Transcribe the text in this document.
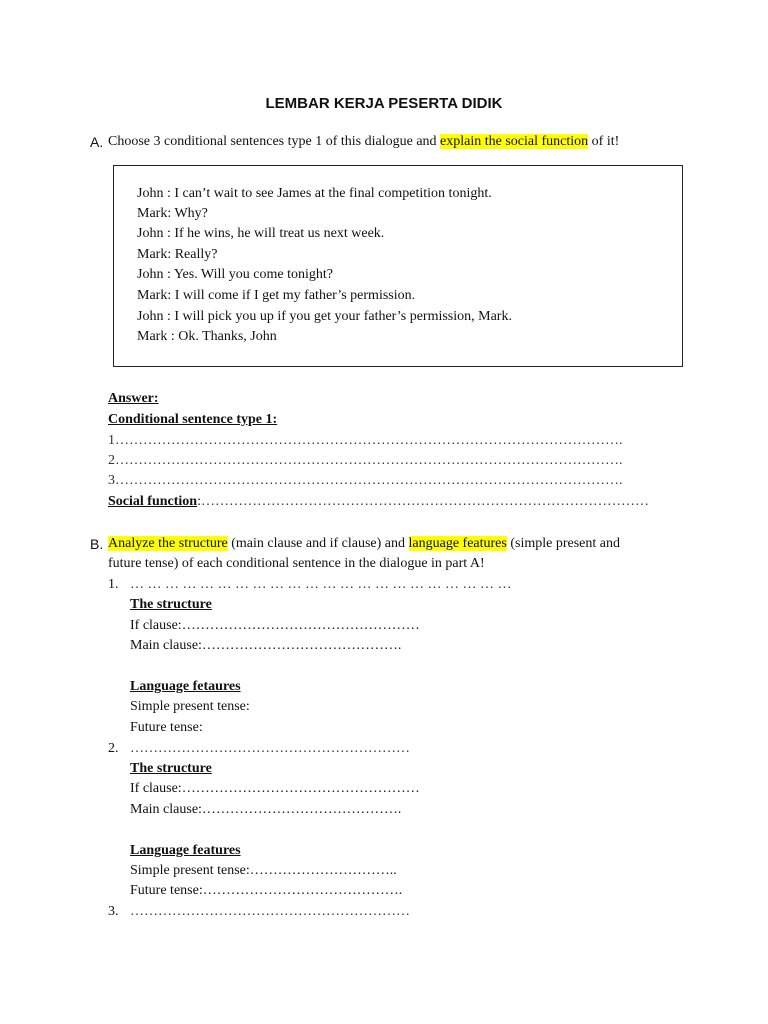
LEMBAR KERJA PESERTA DIDIK
A. Choose 3 conditional sentences type 1 of this dialogue and explain the social function of it!
John : I can’t wait to see James at the final competition tonight.
Mark: Why?
John : If he wins, he will treat us next week.
Mark: Really?
John : Yes. Will you come tonight?
Mark: I will come if I get my father’s permission.
John : I will pick you up if you get your father’s permission, Mark.
Mark : Ok. Thanks, John
Answer:
Conditional sentence type 1:
1……………………………………………………………………………………………….
2……………………………………………………………………………………………….
3……………………………………………………………………………………………….
Social function:……………………………………………………………………………………
B. Analyze the structure (main clause and if clause) and language features (simple present and
future tense) of each conditional sentence in the dialogue in part A!
1. … … … … … … … … … … … … … … … … … … … … … …
The structure
If clause:……………………………………………
Main clause:…………………………………….
Language fetaures
Simple present tense:
Future tense:
2. ……………………………………………………
The structure
If clause:……………………………………………
Main clause:…………………………………….
Language features
Simple present tense:…………………………..
Future tense:…………………………………….
3. ……………………………………………………
